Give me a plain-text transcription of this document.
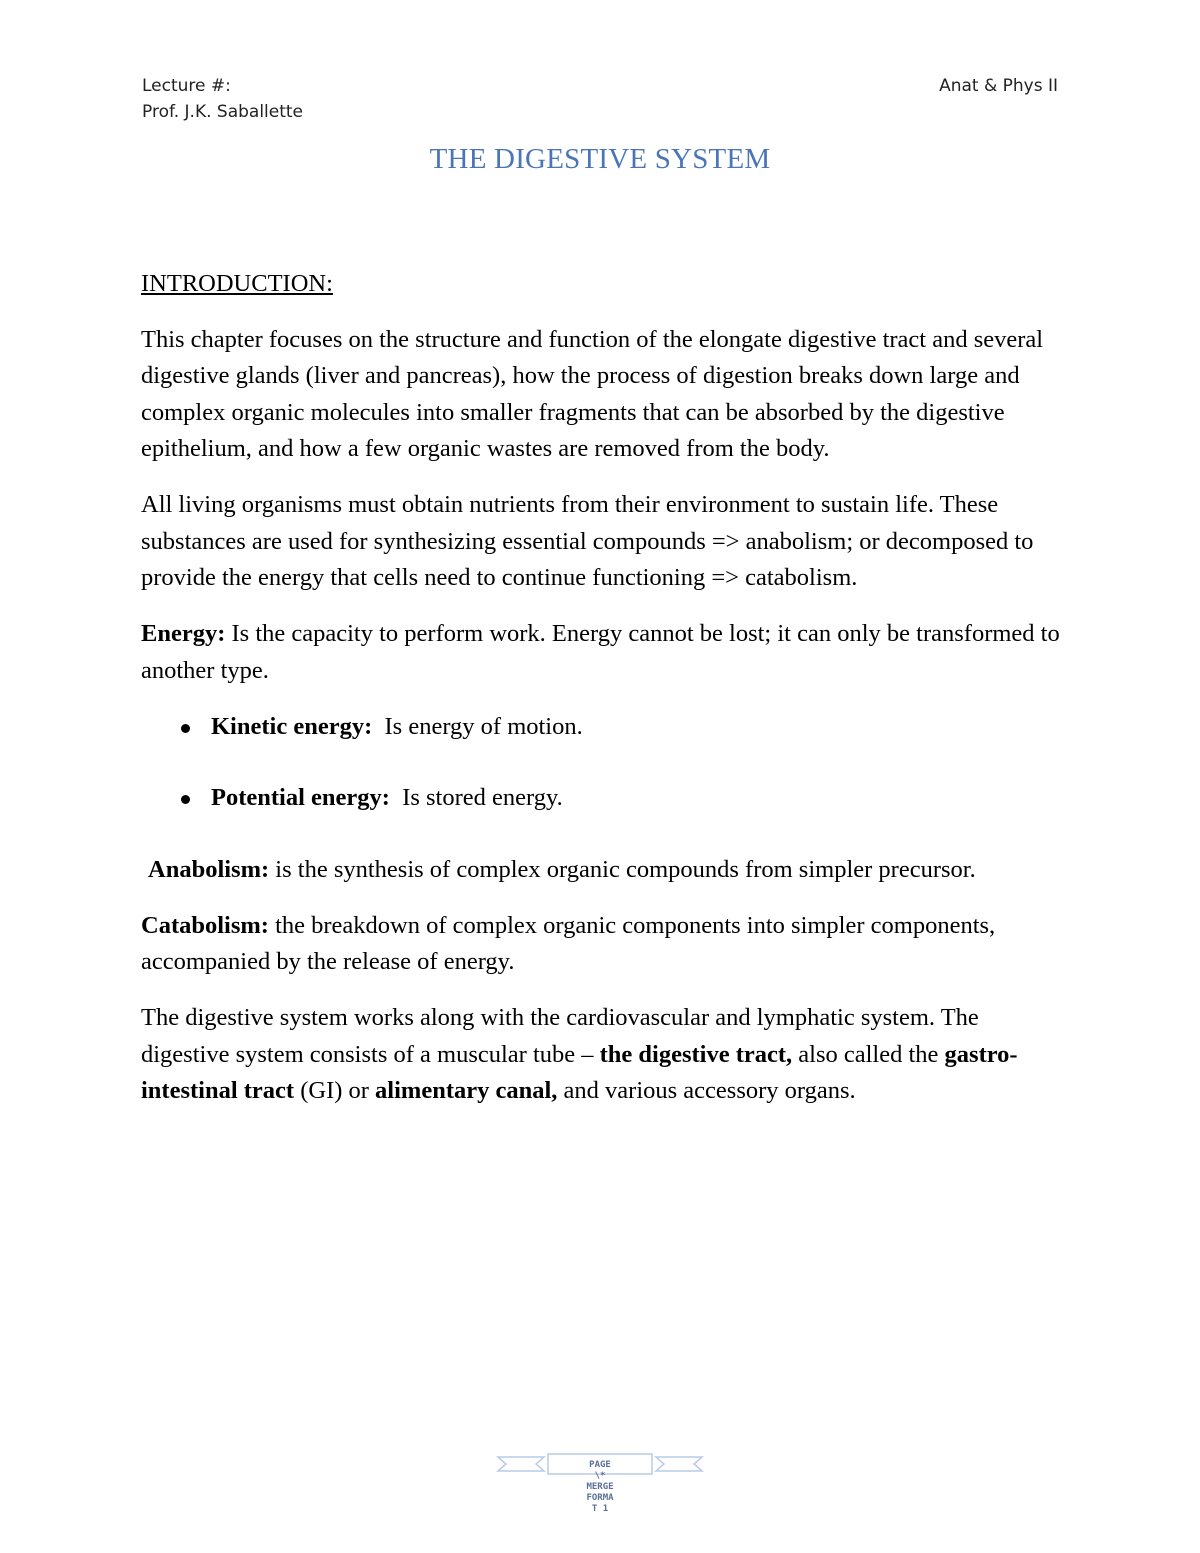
Lecture #:
Prof. J.K. Saballette
Anat & Phys II
THE DIGESTIVE SYSTEM
INTRODUCTION:

This chapter focuses on the structure and function of the elongate digestive tract and several digestive glands (liver and pancreas), how the process of digestion breaks down large and complex organic molecules into smaller fragments that can be absorbed by the digestive epithelium, and how a few organic wastes are removed from the body.

All living organisms must obtain nutrients from their environment to sustain life. These substances are used for synthesizing essential compounds => anabolism; or decomposed to provide the energy that cells need to continue functioning => catabolism.

Energy: Is the capacity to perform work. Energy cannot be lost; it can only be transformed to another type.

Kinetic energy:  Is energy of motion.
Potential energy:  Is stored energy.

Anabolism: is the synthesis of complex organic compounds from simpler precursor.

Catabolism: the breakdown of complex organic components into simpler components, accompanied by the release of energy.

The digestive system works along with the cardiovascular and lymphatic system. The digestive system consists of a muscular tube – the digestive tract, also called the gastro-intestinal tract (GI) or alimentary canal, and various accessory organs.

PAGE
\*
MERGE
FORMA
T 1
